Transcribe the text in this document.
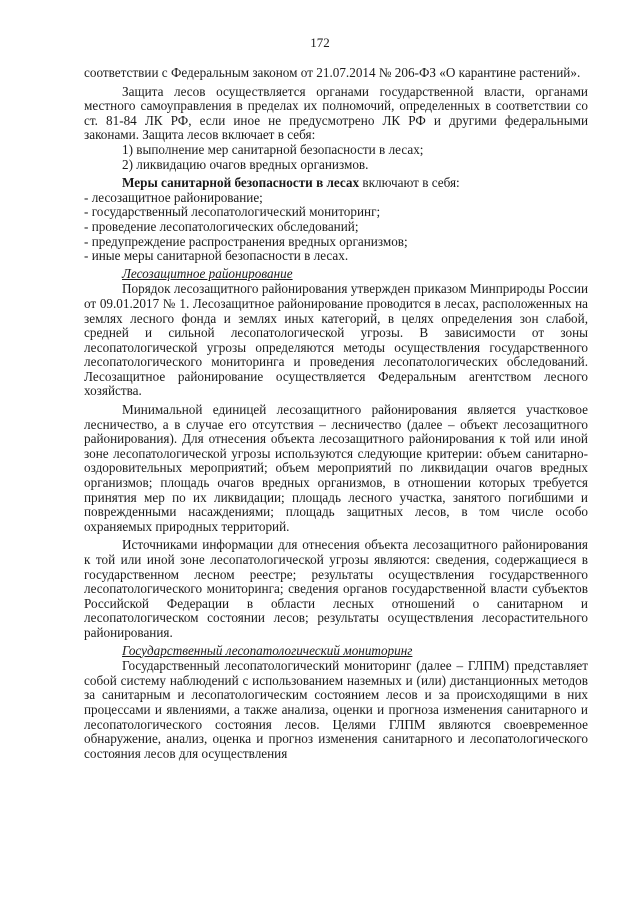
172

соответствии с Федеральным законом от 21.07.2014 № 206-ФЗ «О карантине растений».

Защита лесов осуществляется органами государственной власти, органами местного самоуправления в пределах их полномочий, определенных в соответствии со ст. 81-84 ЛК РФ, если иное не предусмотрено ЛК РФ и другими федеральными законами. Защита лесов включает в себя:

1) выполнение мер санитарной безопасности в лесах;

2) ликвидацию очагов вредных организмов.

Меры санитарной безопасности в лесах включают в себя:

- лесозащитное районирование;

- государственный лесопатологический мониторинг;

- проведение лесопатологических обследований;

- предупреждение распространения вредных организмов;

- иные меры санитарной безопасности в лесах.

Лесозащитное районирование

Порядок лесозащитного районирования утвержден приказом Минприроды России от 09.01.2017 № 1. Лесозащитное районирование проводится в лесах, расположенных на землях лесного фонда и землях иных категорий, в целях определения зон слабой, средней и сильной лесопатологической угрозы. В зависимости от зоны лесопатологической угрозы определяются методы осуществления государственного лесопатологического мониторинга и проведения лесопатологических обследований. Лесозащитное районирование осуществляется Федеральным агентством лесного хозяйства.

Минимальной единицей лесозащитного районирования является участковое лесничество, а в случае его отсутствия – лесничество (далее – объект лесозащитного районирования). Для отнесения объекта лесозащитного районирования к той или иной зоне лесопатологической угрозы используются следующие критерии: объем санитарно-оздоровительных мероприятий; объем мероприятий по ликвидации очагов вредных организмов; площадь очагов вредных организмов, в отношении которых требуется принятия мер по их ликвидации; площадь лесного участка, занятого погибшими и поврежденными насаждениями; площадь защитных лесов, в том числе особо охраняемых природных территорий.

Источниками информации для отнесения объекта лесозащитного районирования к той или иной зоне лесопатологической угрозы являются: сведения, содержащиеся в государственном лесном реестре; результаты осуществления государственного лесопатологического мониторинга; сведения органов государственной власти субъектов Российской Федерации в области лесных отношений о санитарном и лесопатологическом состоянии лесов; результаты осуществления лесорастительного районирования.

Государственный лесопатологический мониторинг

Государственный лесопатологический мониторинг (далее – ГЛПМ) представляет собой систему наблюдений с использованием наземных и (или) дистанционных методов за санитарным и лесопатологическим состоянием лесов и за происходящими в них процессами и явлениями, а также анализа, оценки и прогноза изменения санитарного и лесопатологического состояния лесов. Целями ГЛПМ являются своевременное обнаружение, анализ, оценка и прогноз изменения санитарного и лесопатологического состояния лесов для осуществления
